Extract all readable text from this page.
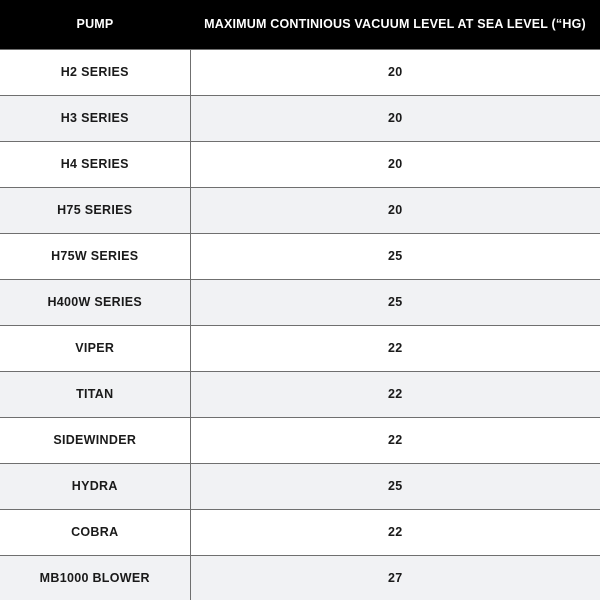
PUMP	MAXIMUM CONTINIOUS VACUUM LEVEL AT SEA LEVEL (“HG)
H2 SERIES	20
H3 SERIES	20
H4 SERIES	20
H75 SERIES	20
H75W SERIES	25
H400W SERIES	25
VIPER	22
TITAN	22
SIDEWINDER	22
HYDRA	25
COBRA	22
MB1000 BLOWER	27
